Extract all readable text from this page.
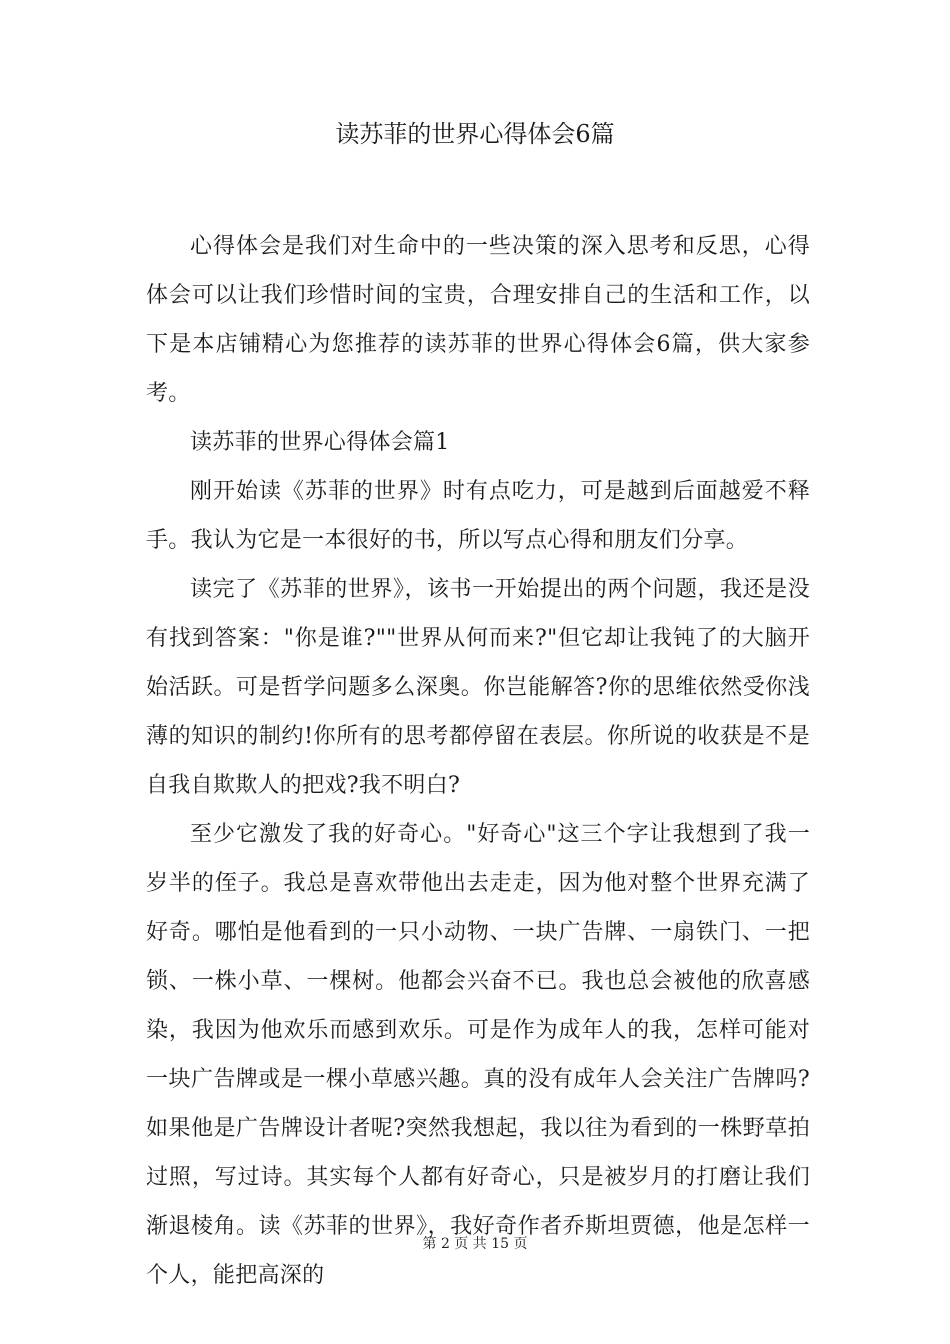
读苏菲的世界心得体会6篇

心得体会是我们对生命中的一些决策的深入思考和反思，心得体会可以让我们珍惜时间的宝贵，合理安排自己的生活和工作，以下是本店铺精心为您推荐的读苏菲的世界心得体会6篇，供大家参考。

读苏菲的世界心得体会篇1

刚开始读《苏菲的世界》时有点吃力，可是越到后面越爱不释手。我认为它是一本很好的书，所以写点心得和朋友们分享。

读完了《苏菲的世界》，该书一开始提出的两个问题，我还是没有找到答案："你是谁?""世界从何而来?"但它却让我钝了的大脑开始活跃。可是哲学问题多么深奥。你岂能解答?你的思维依然受你浅薄的知识的制约!你所有的思考都停留在表层。你所说的收获是不是自我自欺欺人的把戏?我不明白?

至少它激发了我的好奇心。"好奇心"这三个字让我想到了我一岁半的侄子。我总是喜欢带他出去走走，因为他对整个世界充满了好奇。哪怕是他看到的一只小动物、一块广告牌、一扇铁门、一把锁、一株小草、一棵树。他都会兴奋不已。我也总会被他的欣喜感染，我因为他欢乐而感到欢乐。可是作为成年人的我，怎样可能对一块广告牌或是一棵小草感兴趣。真的没有成年人会关注广告牌吗?如果他是广告牌设计者呢?突然我想起，我以往为看到的一株野草拍过照，写过诗。其实每个人都有好奇心，只是被岁月的打磨让我们渐退棱角。读《苏菲的世界》，我好奇作者乔斯坦贾德，他是怎样一个人，能把高深的

第 2 页 共 15 页
